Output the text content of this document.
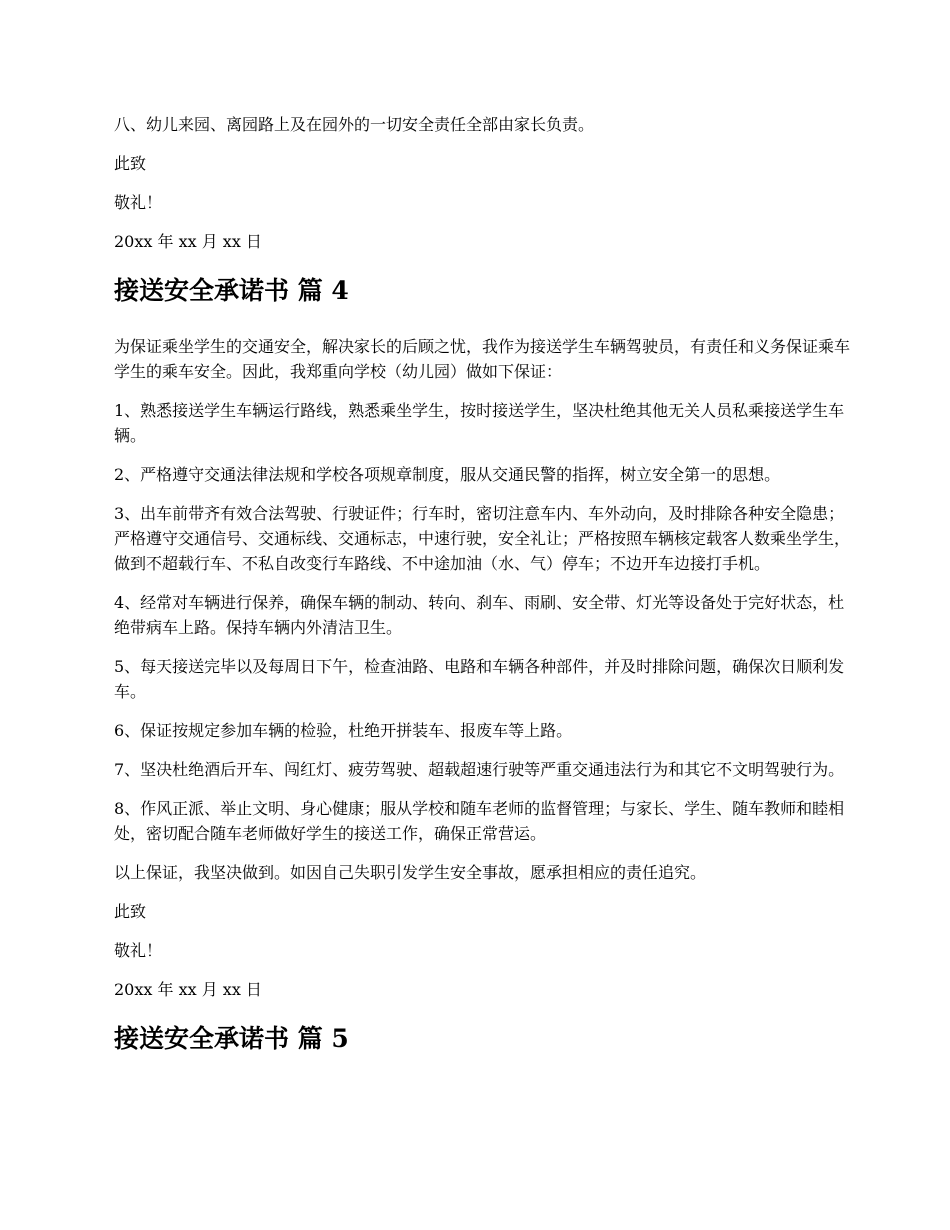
八、幼儿来园、离园路上及在园外的一切安全责任全部由家长负责。

此致

敬礼！

20xx 年 xx 月 xx 日

接送安全承诺书 篇 4

为保证乘坐学生的交通安全，解决家长的后顾之忧，我作为接送学生车辆驾驶员，有责任和义务保证乘车学生的乘车安全。因此，我郑重向学校（幼儿园）做如下保证：

1、熟悉接送学生车辆运行路线，熟悉乘坐学生，按时接送学生，坚决杜绝其他无关人员私乘接送学生车辆。

2、严格遵守交通法律法规和学校各项规章制度，服从交通民警的指挥，树立安全第一的思想。

3、出车前带齐有效合法驾驶、行驶证件；行车时，密切注意车内、车外动向，及时排除各种安全隐患；严格遵守交通信号、交通标线、交通标志，中速行驶，安全礼让；严格按照车辆核定载客人数乘坐学生，做到不超载行车、不私自改变行车路线、不中途加油（水、气）停车；不边开车边接打手机。

4、经常对车辆进行保养，确保车辆的制动、转向、刹车、雨刷、安全带、灯光等设备处于完好状态，杜绝带病车上路。保持车辆内外清洁卫生。

5、每天接送完毕以及每周日下午，检查油路、电路和车辆各种部件，并及时排除问题，确保次日顺利发车。

6、保证按规定参加车辆的检验，杜绝开拼装车、报废车等上路。

7、坚决杜绝酒后开车、闯红灯、疲劳驾驶、超载超速行驶等严重交通违法行为和其它不文明驾驶行为。

8、作风正派、举止文明、身心健康；服从学校和随车老师的监督管理；与家长、学生、随车教师和睦相处，密切配合随车老师做好学生的接送工作，确保正常营运。

以上保证，我坚决做到。如因自己失职引发学生安全事故，愿承担相应的责任追究。

此致

敬礼！

20xx 年 xx 月 xx 日

接送安全承诺书 篇 5
